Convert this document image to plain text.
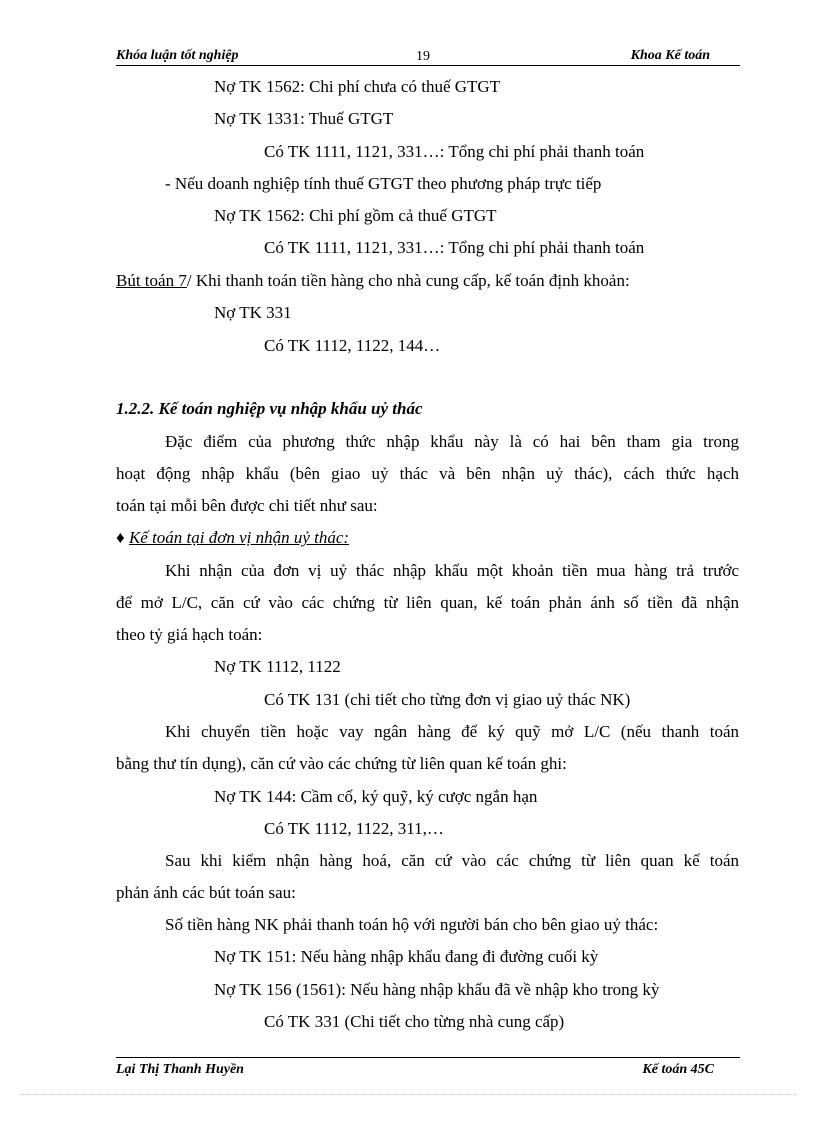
Khóa luận tốt nghiệp	19	Khoa Kế toán
Nợ TK 1562: Chi phí chưa có thuế GTGT
Nợ TK 1331: Thuế GTGT
Có TK 1111, 1121, 331…: Tổng chi phí phải thanh toán
- Nếu doanh nghiệp tính thuế GTGT theo phương pháp trực tiếp
Nợ TK 1562: Chi phí gồm cả thuế GTGT
Có TK 1111, 1121, 331…: Tổng chi phí phải thanh toán
Bút toán 7/ Khi thanh toán tiền hàng cho nhà cung cấp, kế toán định khoản:
Nợ TK 331
Có TK 1112, 1122, 144…
1.2.2. Kế toán nghiệp vụ nhập khẩu uỷ thác
Đặc điểm của phương thức nhập khẩu này là có hai bên tham gia trong
hoạt động nhập khẩu (bên giao uỷ thác và bên nhận uỷ thác), cách thức hạch
toán tại mỗi bên được chi tiết như sau:
♦ Kế toán tại đơn vị nhận uỷ thác:
Khi nhận của đơn vị uỷ thác nhập khẩu một khoản tiền mua hàng trả trước
để mở L/C, căn cứ vào các chứng từ liên quan, kế toán phản ánh số tiền đã nhận
theo tỷ giá hạch toán:
Nợ TK 1112, 1122
Có TK 131 (chi tiết cho từng đơn vị giao uỷ thác NK)
Khi chuyển tiền hoặc vay ngân hàng để ký quỹ mở L/C (nếu thanh toán
bằng thư tín dụng), căn cứ vào các chứng từ liên quan kế toán ghi:
Nợ TK 144: Cầm cố, ký quỹ, ký cược ngắn hạn
Có TK 1112, 1122, 311,…
Sau khi kiểm nhận hàng hoá, căn cứ vào các chứng từ liên quan kế toán
phản ánh các bút toán sau:
Số tiền hàng NK phải thanh toán hộ với người bán cho bên giao uỷ thác:
Nợ TK 151: Nếu hàng nhập khẩu đang đi đường cuối kỳ
Nợ TK 156 (1561): Nếu hàng nhập khẩu đã về nhập kho trong kỳ
Có TK 331 (Chi tiết cho từng nhà cung cấp)
Lại Thị Thanh Huyền	Kế toán 45C
